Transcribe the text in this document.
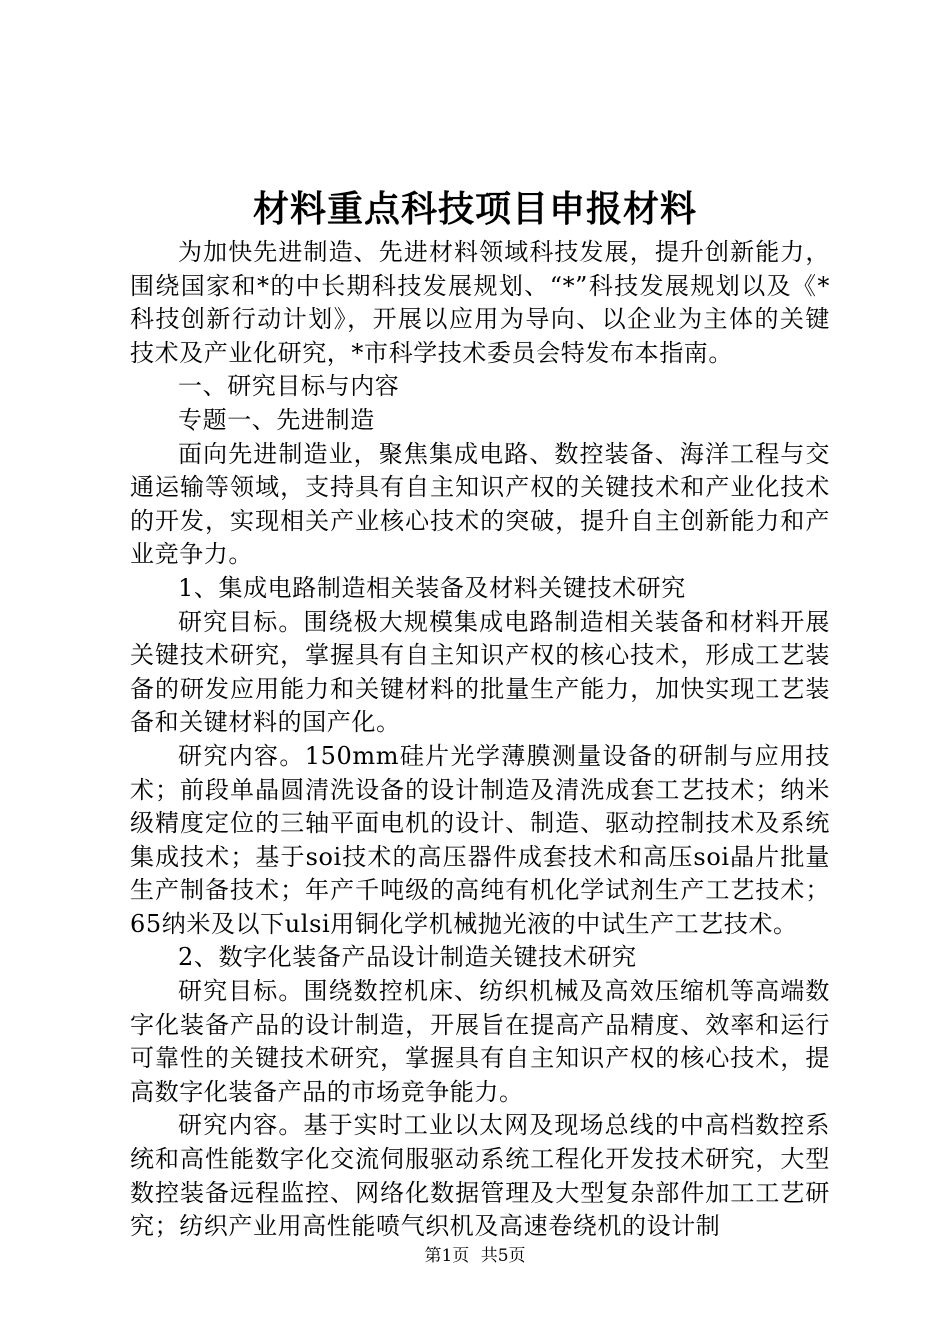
材料重点科技项目申报材料

为加快先进制造、先进材料领域科技发展，提升创新能力，围绕国家和*的中长期科技发展规划、“*”科技发展规划以及《*科技创新行动计划》，开展以应用为导向、以企业为主体的关键技术及产业化研究，*市科学技术委员会特发布本指南。

一、研究目标与内容

专题一、先进制造

面向先进制造业，聚焦集成电路、数控装备、海洋工程与交通运输等领域，支持具有自主知识产权的关键技术和产业化技术的开发，实现相关产业核心技术的突破，提升自主创新能力和产业竞争力。

1、集成电路制造相关装备及材料关键技术研究

研究目标。围绕极大规模集成电路制造相关装备和材料开展关键技术研究，掌握具有自主知识产权的核心技术，形成工艺装备的研发应用能力和关键材料的批量生产能力，加快实现工艺装备和关键材料的国产化。

研究内容。150mm硅片光学薄膜测量设备的研制与应用技术；前段单晶圆清洗设备的设计制造及清洗成套工艺技术；纳米级精度定位的三轴平面电机的设计、制造、驱动控制技术及系统集成技术；基于soi技术的高压器件成套技术和高压soi晶片批量生产制备技术；年产千吨级的高纯有机化学试剂生产工艺技术；65纳米及以下ulsi用铜化学机械抛光液的中试生产工艺技术。

2、数字化装备产品设计制造关键技术研究

研究目标。围绕数控机床、纺织机械及高效压缩机等高端数字化装备产品的设计制造，开展旨在提高产品精度、效率和运行可靠性的关键技术研究，掌握具有自主知识产权的核心技术，提高数字化装备产品的市场竞争能力。

研究内容。基于实时工业以太网及现场总线的中高档数控系统和高性能数字化交流伺服驱动系统工程化开发技术研究，大型数控装备远程监控、网络化数据管理及大型复杂部件加工工艺研究；纺织产业用高性能喷气织机及高速卷绕机的设计制

第1页 共5页
